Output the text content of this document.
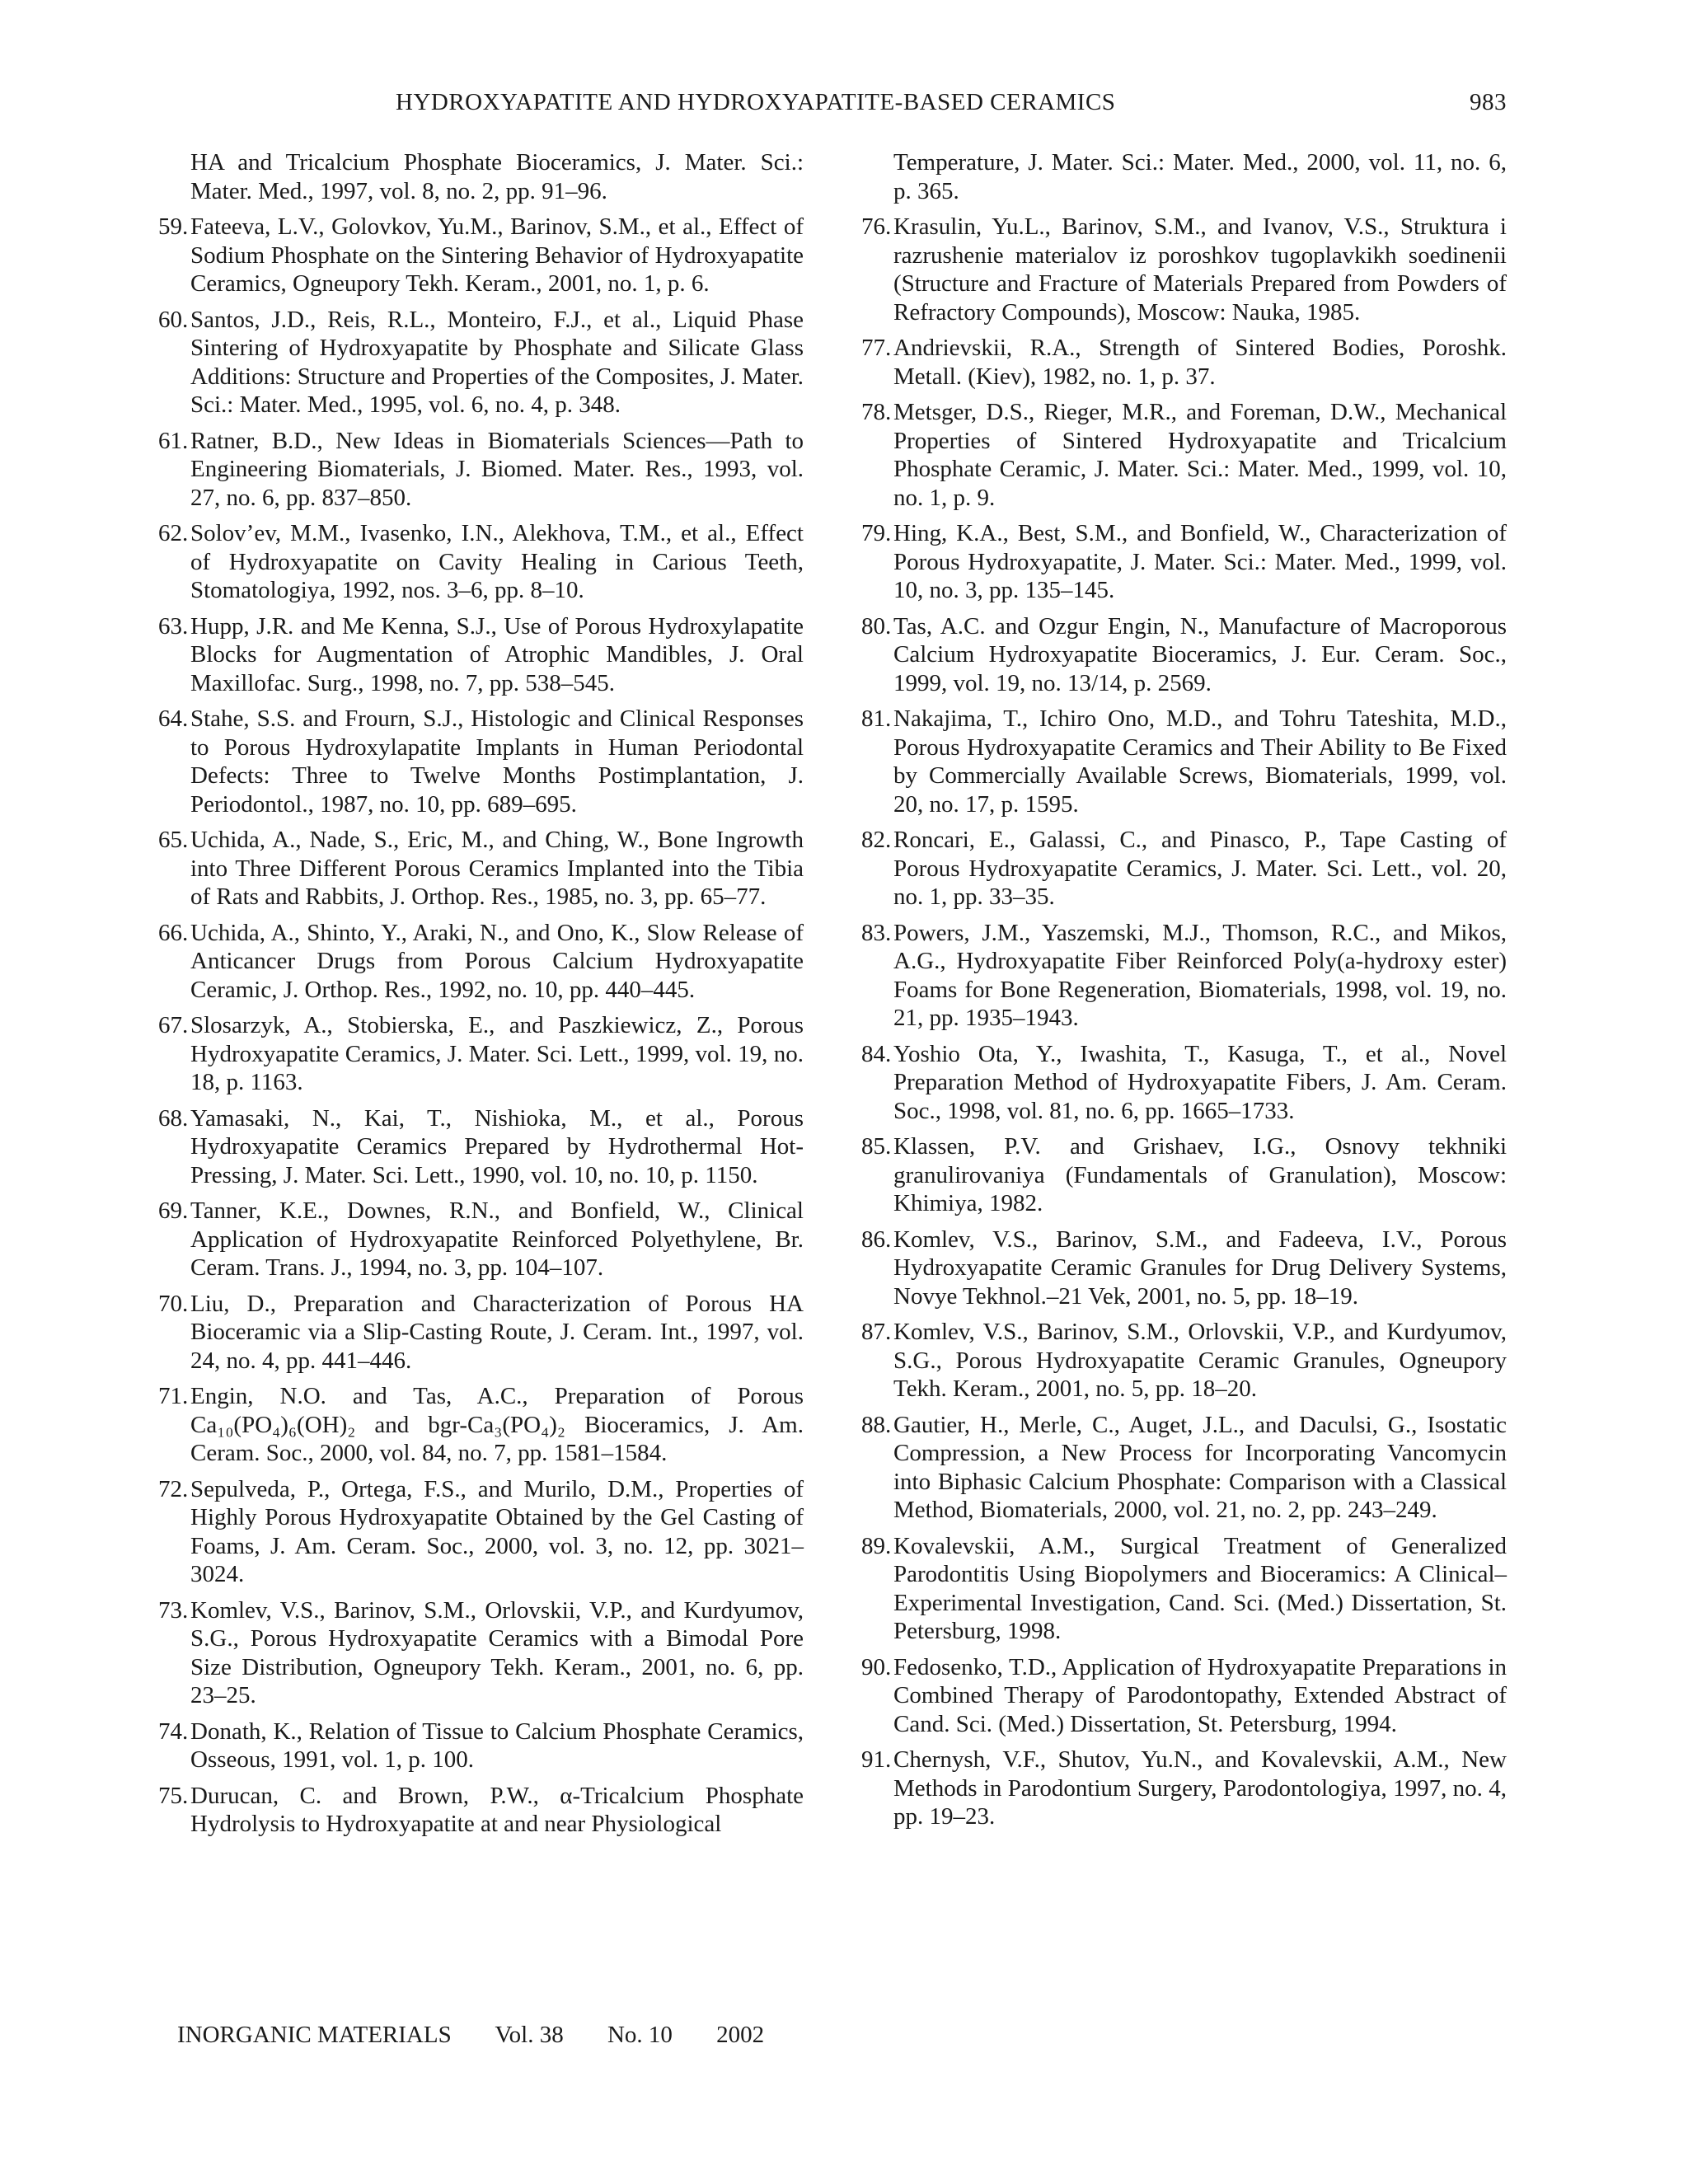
HYDROXYAPATITE AND HYDROXYAPATITE-BASED CERAMICS	983
HA and Tricalcium Phosphate Bioceramics, J. Mater. Sci.: Mater. Med., 1997, vol. 8, no. 2, pp. 91–96.
59. Fateeva, L.V., Golovkov, Yu.M., Barinov, S.M., et al., Effect of Sodium Phosphate on the Sintering Behavior of Hydroxyapatite Ceramics, Ogneupory Tekh. Keram., 2001, no. 1, p. 6.
60. Santos, J.D., Reis, R.L., Monteiro, F.J., et al., Liquid Phase Sintering of Hydroxyapatite by Phosphate and Silicate Glass Additions: Structure and Properties of the Composites, J. Mater. Sci.: Mater. Med., 1995, vol. 6, no. 4, p. 348.
61. Ratner, B.D., New Ideas in Biomaterials Sciences—Path to Engineering Biomaterials, J. Biomed. Mater. Res., 1993, vol. 27, no. 6, pp. 837–850.
62. Solov’ev, M.M., Ivasenko, I.N., Alekhova, T.M., et al., Effect of Hydroxyapatite on Cavity Healing in Carious Teeth, Stomatologiya, 1992, nos. 3–6, pp. 8–10.
63. Hupp, J.R. and Me Kenna, S.J., Use of Porous Hydroxylapatite Blocks for Augmentation of Atrophic Mandibles, J. Oral Maxillofac. Surg., 1998, no. 7, pp. 538–545.
64. Stahe, S.S. and Frourn, S.J., Histologic and Clinical Responses to Porous Hydroxylapatite Implants in Human Periodontal Defects: Three to Twelve Months Postimplantation, J. Periodontol., 1987, no. 10, pp. 689–695.
65. Uchida, A., Nade, S., Eric, M., and Ching, W., Bone Ingrowth into Three Different Porous Ceramics Implanted into the Tibia of Rats and Rabbits, J. Orthop. Res., 1985, no. 3, pp. 65–77.
66. Uchida, A., Shinto, Y., Araki, N., and Ono, K., Slow Release of Anticancer Drugs from Porous Calcium Hydroxyapatite Ceramic, J. Orthop. Res., 1992, no. 10, pp. 440–445.
67. Slosarzyk, A., Stobierska, E., and Paszkiewicz, Z., Porous Hydroxyapatite Ceramics, J. Mater. Sci. Lett., 1999, vol. 19, no. 18, p. 1163.
68. Yamasaki, N., Kai, T., Nishioka, M., et al., Porous Hydroxyapatite Ceramics Prepared by Hydrothermal Hot-Pressing, J. Mater. Sci. Lett., 1990, vol. 10, no. 10, p. 1150.
69. Tanner, K.E., Downes, R.N., and Bonfield, W., Clinical Application of Hydroxyapatite Reinforced Polyethylene, Br. Ceram. Trans. J., 1994, no. 3, pp. 104–107.
70. Liu, D., Preparation and Characterization of Porous HA Bioceramic via a Slip-Casting Route, J. Ceram. Int., 1997, vol. 24, no. 4, pp. 441–446.
71. Engin, N.O. and Tas, A.C., Preparation of Porous Ca₁₀(PO₄)₆(OH)₂ and bgr-Ca₃(PO₄)₂ Bioceramics, J. Am. Ceram. Soc., 2000, vol. 84, no. 7, pp. 1581–1584.
72. Sepulveda, P., Ortega, F.S., and Murilo, D.M., Properties of Highly Porous Hydroxyapatite Obtained by the Gel Casting of Foams, J. Am. Ceram. Soc., 2000, vol. 3, no. 12, pp. 3021–3024.
73. Komlev, V.S., Barinov, S.M., Orlovskii, V.P., and Kurdyumov, S.G., Porous Hydroxyapatite Ceramics with a Bimodal Pore Size Distribution, Ogneupory Tekh. Keram., 2001, no. 6, pp. 23–25.
74. Donath, K., Relation of Tissue to Calcium Phosphate Ceramics, Osseous, 1991, vol. 1, p. 100.
75. Durucan, C. and Brown, P.W., α-Tricalcium Phosphate Hydrolysis to Hydroxyapatite at and near Physiological
Temperature, J. Mater. Sci.: Mater. Med., 2000, vol. 11, no. 6, p. 365.
76. Krasulin, Yu.L., Barinov, S.M., and Ivanov, V.S., Struktura i razrushenie materialov iz poroshkov tugoplavkikh soedinenii (Structure and Fracture of Materials Prepared from Powders of Refractory Compounds), Moscow: Nauka, 1985.
77. Andrievskii, R.A., Strength of Sintered Bodies, Poroshk. Metall. (Kiev), 1982, no. 1, p. 37.
78. Metsger, D.S., Rieger, M.R., and Foreman, D.W., Mechanical Properties of Sintered Hydroxyapatite and Tricalcium Phosphate Ceramic, J. Mater. Sci.: Mater. Med., 1999, vol. 10, no. 1, p. 9.
79. Hing, K.A., Best, S.M., and Bonfield, W., Characterization of Porous Hydroxyapatite, J. Mater. Sci.: Mater. Med., 1999, vol. 10, no. 3, pp. 135–145.
80. Tas, A.C. and Ozgur Engin, N., Manufacture of Macroporous Calcium Hydroxyapatite Bioceramics, J. Eur. Ceram. Soc., 1999, vol. 19, no. 13/14, p. 2569.
81. Nakajima, T., Ichiro Ono, M.D., and Tohru Tateshita, M.D., Porous Hydroxyapatite Ceramics and Their Ability to Be Fixed by Commercially Available Screws, Biomaterials, 1999, vol. 20, no. 17, p. 1595.
82. Roncari, E., Galassi, C., and Pinasco, P., Tape Casting of Porous Hydroxyapatite Ceramics, J. Mater. Sci. Lett., vol. 20, no. 1, pp. 33–35.
83. Powers, J.M., Yaszemski, M.J., Thomson, R.C., and Mikos, A.G., Hydroxyapatite Fiber Reinforced Poly(a-hydroxy ester) Foams for Bone Regeneration, Biomaterials, 1998, vol. 19, no. 21, pp. 1935–1943.
84. Yoshio Ota, Y., Iwashita, T., Kasuga, T., et al., Novel Preparation Method of Hydroxyapatite Fibers, J. Am. Ceram. Soc., 1998, vol. 81, no. 6, pp. 1665–1733.
85. Klassen, P.V. and Grishaev, I.G., Osnovy tekhniki granulirovaniya (Fundamentals of Granulation), Moscow: Khimiya, 1982.
86. Komlev, V.S., Barinov, S.M., and Fadeeva, I.V., Porous Hydroxyapatite Ceramic Granules for Drug Delivery Systems, Novye Tekhnol.–21 Vek, 2001, no. 5, pp. 18–19.
87. Komlev, V.S., Barinov, S.M., Orlovskii, V.P., and Kurdyumov, S.G., Porous Hydroxyapatite Ceramic Granules, Ogneupory Tekh. Keram., 2001, no. 5, pp. 18–20.
88. Gautier, H., Merle, C., Auget, J.L., and Daculsi, G., Isostatic Compression, a New Process for Incorporating Vancomycin into Biphasic Calcium Phosphate: Comparison with a Classical Method, Biomaterials, 2000, vol. 21, no. 2, pp. 243–249.
89. Kovalevskii, A.M., Surgical Treatment of Generalized Parodontitis Using Biopolymers and Bioceramics: A Clinical–Experimental Investigation, Cand. Sci. (Med.) Dissertation, St. Petersburg, 1998.
90. Fedosenko, T.D., Application of Hydroxyapatite Preparations in Combined Therapy of Parodontopathy, Extended Abstract of Cand. Sci. (Med.) Dissertation, St. Petersburg, 1994.
91. Chernysh, V.F., Shutov, Yu.N., and Kovalevskii, A.M., New Methods in Parodontium Surgery, Parodontologiya, 1997, no. 4, pp. 19–23.
INORGANIC MATERIALS Vol. 38 No. 10 2002
